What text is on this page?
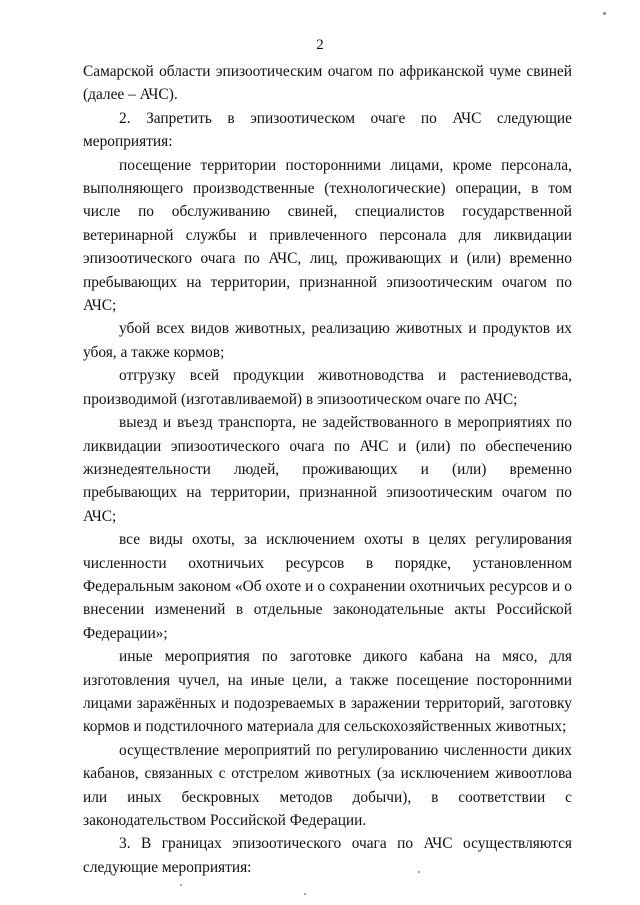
2

Самарской области эпизоотическим очагом по африканской чуме свиней (далее – АЧС).

2. Запретить в эпизоотическом очаге по АЧС следующие мероприятия:

посещение территории посторонними лицами, кроме персонала, выполняющего производственные (технологические) операции, в том числе по обслуживанию свиней, специалистов государственной ветеринарной службы и привлеченного персонала для ликвидации эпизоотического очага по АЧС, лиц, проживающих и (или) временно пребывающих на территории, признанной эпизоотическим очагом по АЧС;

убой всех видов животных, реализацию животных и продуктов их убоя, а также кормов;

отгрузку всей продукции животноводства и растениеводства, производимой (изготавливаемой) в эпизоотическом очаге по АЧС;

выезд и въезд транспорта, не задействованного в мероприятиях по ликвидации эпизоотического очага по АЧС и (или) по обеспечению жизнедеятельности людей, проживающих и (или) временно пребывающих на территории, признанной эпизоотическим очагом по АЧС;

все виды охоты, за исключением охоты в целях регулирования численности охотничьих ресурсов в порядке, установленном Федеральным законом «Об охоте и о сохранении охотничьих ресурсов и о внесении изменений в отдельные законодательные акты Российской Федерации»;

иные мероприятия по заготовке дикого кабана на мясо, для изготовления чучел, на иные цели, а также посещение посторонними лицами заражённых и подозреваемых в заражении территорий, заготовку кормов и подстилочного материала для сельскохозяйственных животных;

осуществление мероприятий по регулированию численности диких кабанов, связанных с отстрелом животных (за исключением живоотлова или иных бескровных методов добычи), в соответствии с законодательством Российской Федерации.

3. В границах эпизоотического очага по АЧС осуществляются следующие мероприятия:
